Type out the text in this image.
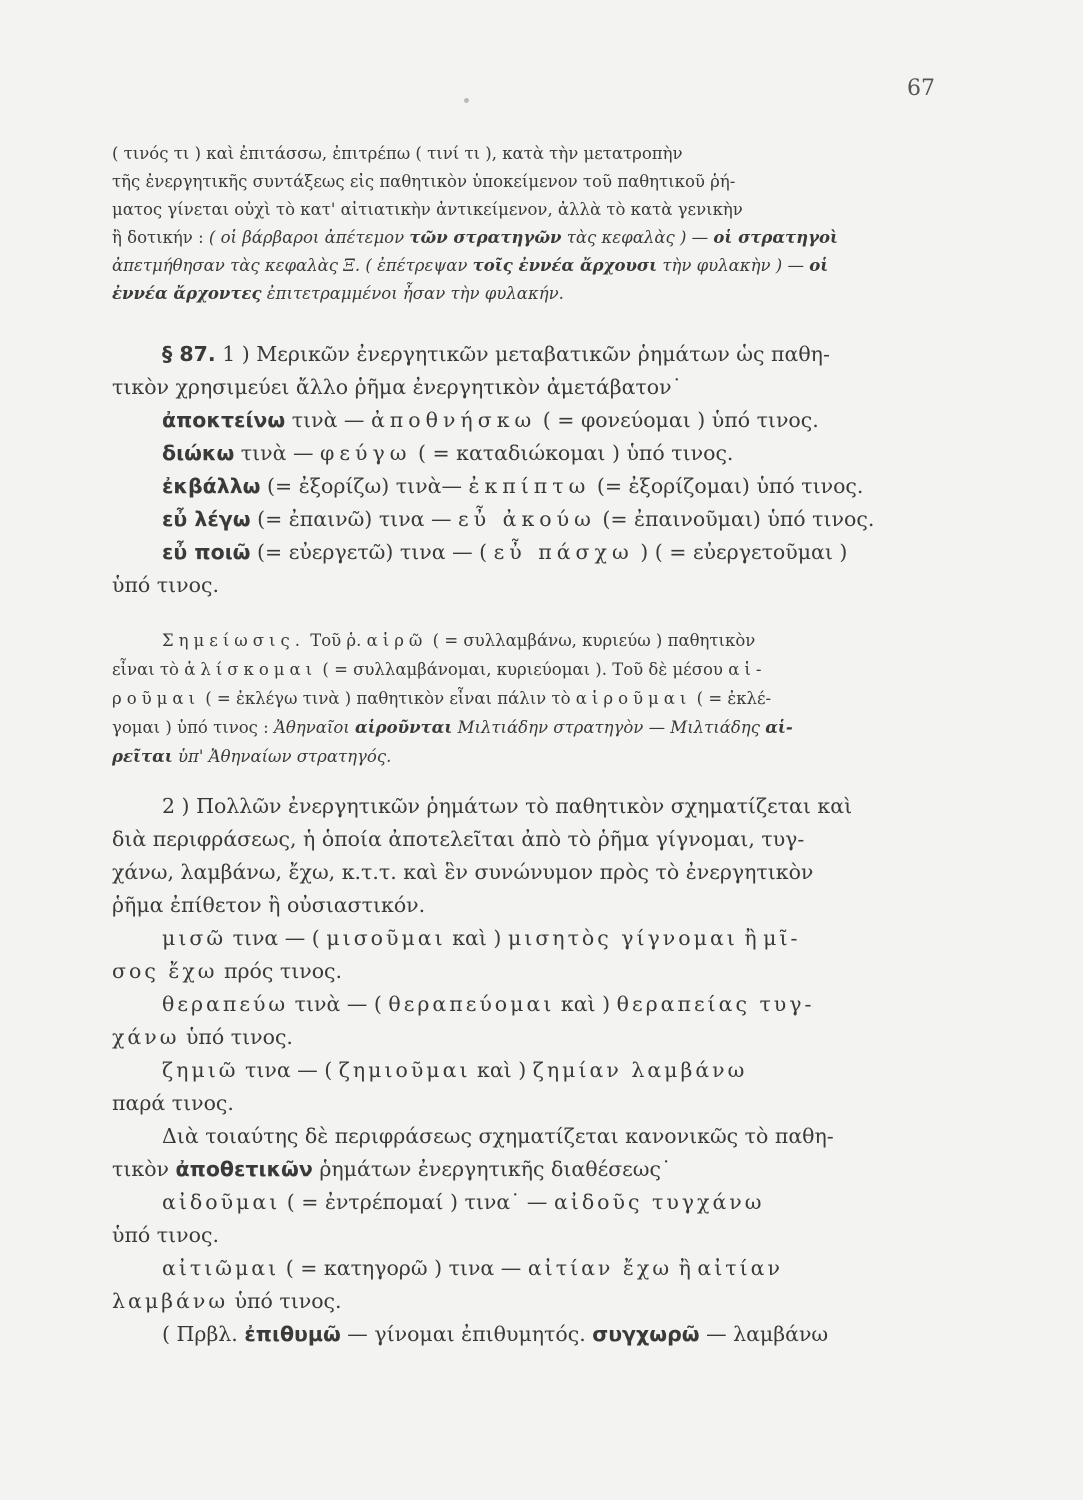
67

( τινός τι ) καὶ ἐπιτάσσω, ἐπιτρέπω ( τινί τι ), κατὰ τὴν μετατροπὴν

τῆς ἐνεργητικῆς συντάξεως εἰς παθητικὸν ὑποκείμενον τοῦ παθητικοῦ ῥή-

ματος γίνεται οὐχὶ τὸ κατ' αἰτιατικὴν ἀντικείμενον, ἀλλὰ τὸ κατὰ γενικὴν

ἢ δοτικήν : ( οἱ βάρβαροι ἀπέτεμον τῶν στρατηγῶν τὰς κεφαλὰς ) — οἱ στρατηγοὶ

ἀπετμήθησαν τὰς κεφαλὰς Ξ. ( ἐπέτρεψαν τοῖς ἐννέα ἄρχουσι τὴν φυλακὴν ) — οἱ

ἐννέα ἄρχοντες ἐπιτετραμμένοι ἦσαν τὴν φυλακήν.

§ 87. 1 ) Μερικῶν ἐνεργητικῶν μεταβατικῶν ῥημάτων ὡς παθη-

τικὸν χρησιμεύει ἄλλο ῥῆμα ἐνεργητικὸν ἀμετάβατον˙

ἀποκτείνω τινὰ — ἀποθνήσκω ( = φονεύομαι ) ὑπό τινος.

διώκω τινὰ — φεύγω ( = καταδιώκομαι ) ὑπό τινος.

ἐκβάλλω (= ἐξορίζω) τινὰ— ἐκπίπτω (= ἐξορίζομαι) ὑπό τινος.

εὖ λέγω (= ἐπαινῶ) τινα — εὖ ἀκούω (= ἐπαινοῦμαι) ὑπό τινος.

εὖ ποιῶ (= εὐεργετῶ) τινα — ( εὖ πάσχω ) ( = εὐεργετοῦμαι )

ὑπό τινος.

Σημείωσις. Τοῦ ῥ. αἱρῶ ( = συλλαμβάνω, κυριεύω ) παθητικὸν

εἶναι τὸ ἁλίσκομαι ( = συλλαμβάνομαι, κυριεύομαι ). Τοῦ δὲ μέσου αἱ-

ροῦμαι ( = ἐκλέγω τινὰ ) παθητικὸν εἶναι πάλιν τὸ αἱροῦμαι ( = ἐκλέ-

γομαι ) ὑπό τινος : Ἀθηναῖοι αἱροῦνται Μιλτιάδην στρατηγὸν — Μιλτιάδης αἱ-

ρεῖται ὑπ' Ἀθηναίων στρατηγός.

2 ) Πολλῶν ἐνεργητικῶν ῥημάτων τὸ παθητικὸν σχηματίζεται καὶ

διὰ περιφράσεως, ἡ ὁποία ἀποτελεῖται ἀπὸ τὸ ῥῆμα γίγνομαι, τυγ-

χάνω, λαμβάνω, ἔχω, κ.τ.τ. καὶ ἓν συνώνυμον πρὸς τὸ ἐνεργητικὸν

ῥῆμα ἐπίθετον ἢ οὐσιαστικόν.

μισῶ τινα — ( μισοῦμαι καὶ ) μισητὸς γίγνομαι ἢ μῖ-

σος ἔχω πρός τινος.

θεραπεύω τινὰ — ( θεραπεύομαι καὶ ) θεραπείας τυγ-

χάνω ὑπό τινος.

ζημιῶ τινα — ( ζημιοῦμαι καὶ ) ζημίαν λαμβάνω

παρά τινος.

Διὰ τοιαύτης δὲ περιφράσεως σχηματίζεται κανονικῶς τὸ παθη-

τικὸν ἀποθετικῶν ῥημάτων ἐνεργητικῆς διαθέσεως˙

αἰδοῦμαι ( = ἐντρέπομαί ) τινα˙ — αἰδοῦς τυγχάνω

ὑπό τινος.

αἰτιῶμαι ( = κατηγορῶ ) τινα — αἰτίαν ἔχω ἢ αἰτίαν

λαμβάνω ὑπό τινος.

( Πρβλ. ἐπιθυμῶ — γίνομαι ἐπιθυμητός. συγχωρῶ — λαμβάνω
